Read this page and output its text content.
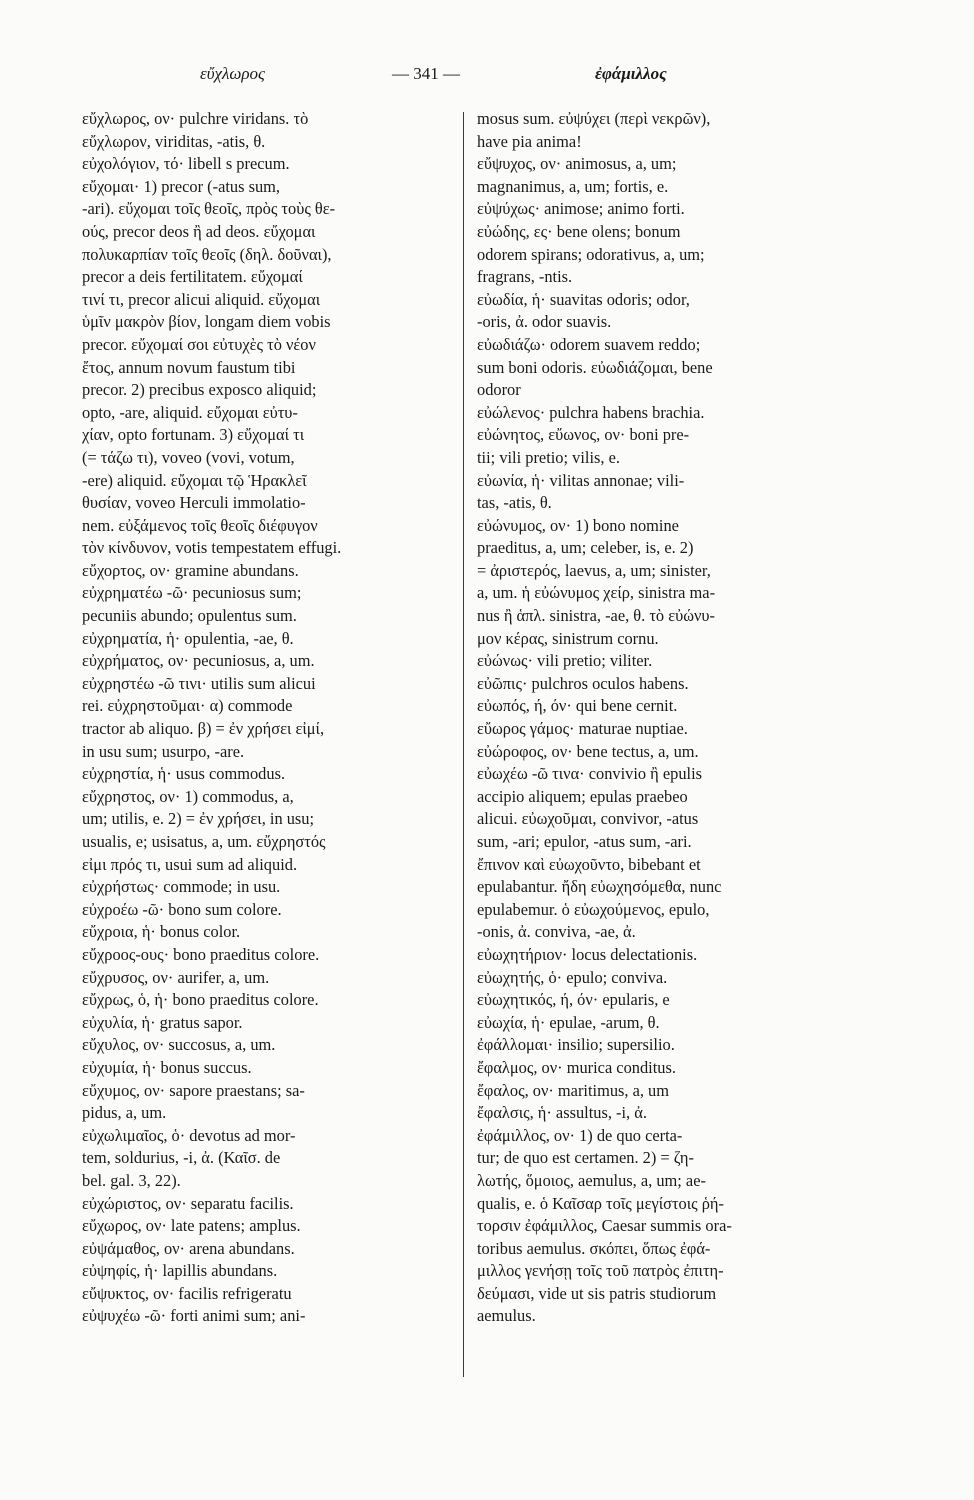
εὔχλωρος	— 341 —	ἐφάμιλλος
εὔχλωρος, ον· pulchre viridans. τὸ
εὔχλωρον, viriditas, -atis, θ.
εὐχολόγιον, τό· libell s precum.
εὔχομαι· 1) precor (-atus sum,
-ari). εὔχομαι τοῖς θεοῖς, πρὸς τοὺς θε-
ούς, precor deos ἢ ad deos. εὔχομαι
πολυκαρπίαν τοῖς θεοῖς (δηλ. δοῦναι),
precor a deis fertilitatem. εὔχομαί
τινί τι, precor alicui aliquid. εὔχομαι
ὑμῖν μακρὸν βίον, longam diem vobis
precor. εὔχομαί σοι εὐτυχὲς τὸ νέον
ἔτος, annum novum faustum tibi
precor. 2) precibus exposco aliquid;
opto, -are, aliquid. εὔχομαι εὐτυ-
χίαν, opto fortunam. 3) εὔχομαί τι
(= τάζω τι), voveo (vovi, votum,
-ere) aliquid. εὔχομαι τῷ Ἡρακλεῖ
θυσίαν, voveo Herculi immolatio-
nem. εὐξάμενος τοῖς θεοῖς διέφυγον
τὸν κίνδυνον, votis tempestatem effugi.
εὔχορτος, ον· gramine abundans.
εὐχρηματέω -ῶ· pecuniosus sum;
pecuniis abundo; opulentus sum.
εὐχρηματία, ἡ· opulentia, -ae, θ.
εὐχρήματος, ον· pecuniosus, a, um.
εὐχρηστέω -ῶ τινι· utilis sum alicui
rei. εὐχρηστοῦμαι· α) commode
tractor ab aliquo. β) = ἐν χρήσει εἰμί,
in usu sum; usurpo, -are.
εὐχρηστία, ἡ· usus commodus.
εὔχρηστος, ον· 1) commodus, a,
um; utilis, e. 2) = ἐν χρήσει, in usu;
usualis, e; usisatus, a, um. εὔχρηστός
εἰμι πρός τι, usui sum ad aliquid.
εὐχρήστως· commode; in usu.
εὐχροέω -ῶ· bono sum colore.
εὔχροια, ἡ· bonus color.
εὔχροος-ους· bono praeditus colore.
εὔχρυσος, ον· aurifer, a, um.
εὔχρως, ὁ, ἡ· bono praeditus colore.
εὐχυλία, ἡ· gratus sapor.
εὔχυλος, ον· succosus, a, um.
εὐχυμία, ἡ· bonus succus.
εὔχυμος, ον· sapore praestans; sa-
pidus, a, um.
εὐχωλιμαῖος, ὁ· devotus ad mor-
tem, soldurius, -i, ἀ. (Καῖσ. de
bel. gal. 3, 22).
εὐχώριστος, ον· separatu facilis.
εὔχωρος, ον· late patens; amplus.
εὐψάμαθος, ον· arena abundans.
εὐψηφίς, ἡ· lapillis abundans.
εὔψυκτος, ον· facilis refrigeratu
εὐψυχέω -ῶ· forti animi sum; ani-
mosus sum. εὐψύχει (περὶ νεκρῶν),
have pia anima!
εὔψυχος, ον· animosus, a, um;
magnanimus, a, um; fortis, e.
εὐψύχως· animose; animo forti.
εὐώδης, ες· bene olens; bonum
odorem spirans; odorativus, a, um;
fragrans, -ntis.
εὐωδία, ἡ· suavitas odoris; odor,
-oris, ἀ. odor suavis.
εὐωδιάζω· odorem suavem reddo;
sum boni odoris. εὐωδιάζομαι, bene
odoror
εὐώλενος· pulchra habens brachia.
εὐώνητος, εὔωνος, ον· boni pre-
tii; vili pretio; vilis, e.
εὐωνία, ἡ· vilitas annonae; vili-
tas, -atis, θ.
εὐώνυμος, ον· 1) bono nomine
praeditus, a, um; celeber, is, e. 2)
= ἀριστερός, laevus, a, um; sinister,
a, um. ἡ εὐώνυμος χείρ, sinistra ma-
nus ἢ ἁπλ. sinistra, -ae, θ. τὸ εὐώνυ-
μον κέρας, sinistrum cornu.
εὐώνως· vili pretio; viliter.
εὐῶπις· pulchros oculos habens.
εὐωπός, ή, όν· qui bene cernit.
εὔωρος γάμος· maturae nuptiae.
εὐώροφος, ον· bene tectus, a, um.
εὐωχέω -ῶ τινα· convivio ἢ epulis
accipio aliquem; epulas praebeo
alicui. εὐωχοῦμαι, convivor, -atus
sum, -ari; epulor, -atus sum, -ari.
ἔπινον καὶ εὐωχοῦντο, bibebant et
epulabantur. ἤδη εὐωχησόμεθα, nunc
epulabemur. ὁ εὐωχούμενος, epulo,
-onis, ἀ. conviva, -ae, ἀ.
εὐωχητήριον· locus delectationis.
εὐωχητής, ὁ· epulo; conviva.
εὐωχητικός, ή, όν· epularis, e
εὐωχία, ἡ· epulae, -arum, θ.
ἐφάλλομαι· insilio; supersilio.
ἔφαλμος, ον· murica conditus.
ἔφαλος, ον· maritimus, a, um
ἔφαλσις, ἡ· assultus, -i, ἀ.
ἐφάμιλλος, ον· 1) de quo certa-
tur; de quo est certamen. 2) = ζη-
λωτής, ὅμοιος, aemulus, a, um; ae-
qualis, e. ὁ Καῖσαρ τοῖς μεγίστοις ῥή-
τορσιν ἐφάμιλλος, Caesar summis ora-
toribus aemulus. σκόπει, ὅπως ἐφά-
μιλλος γενήσῃ τοῖς τοῦ πατρὸς ἐπιτη-
δεύμασι, vide ut sis patris studiorum
aemulus.
